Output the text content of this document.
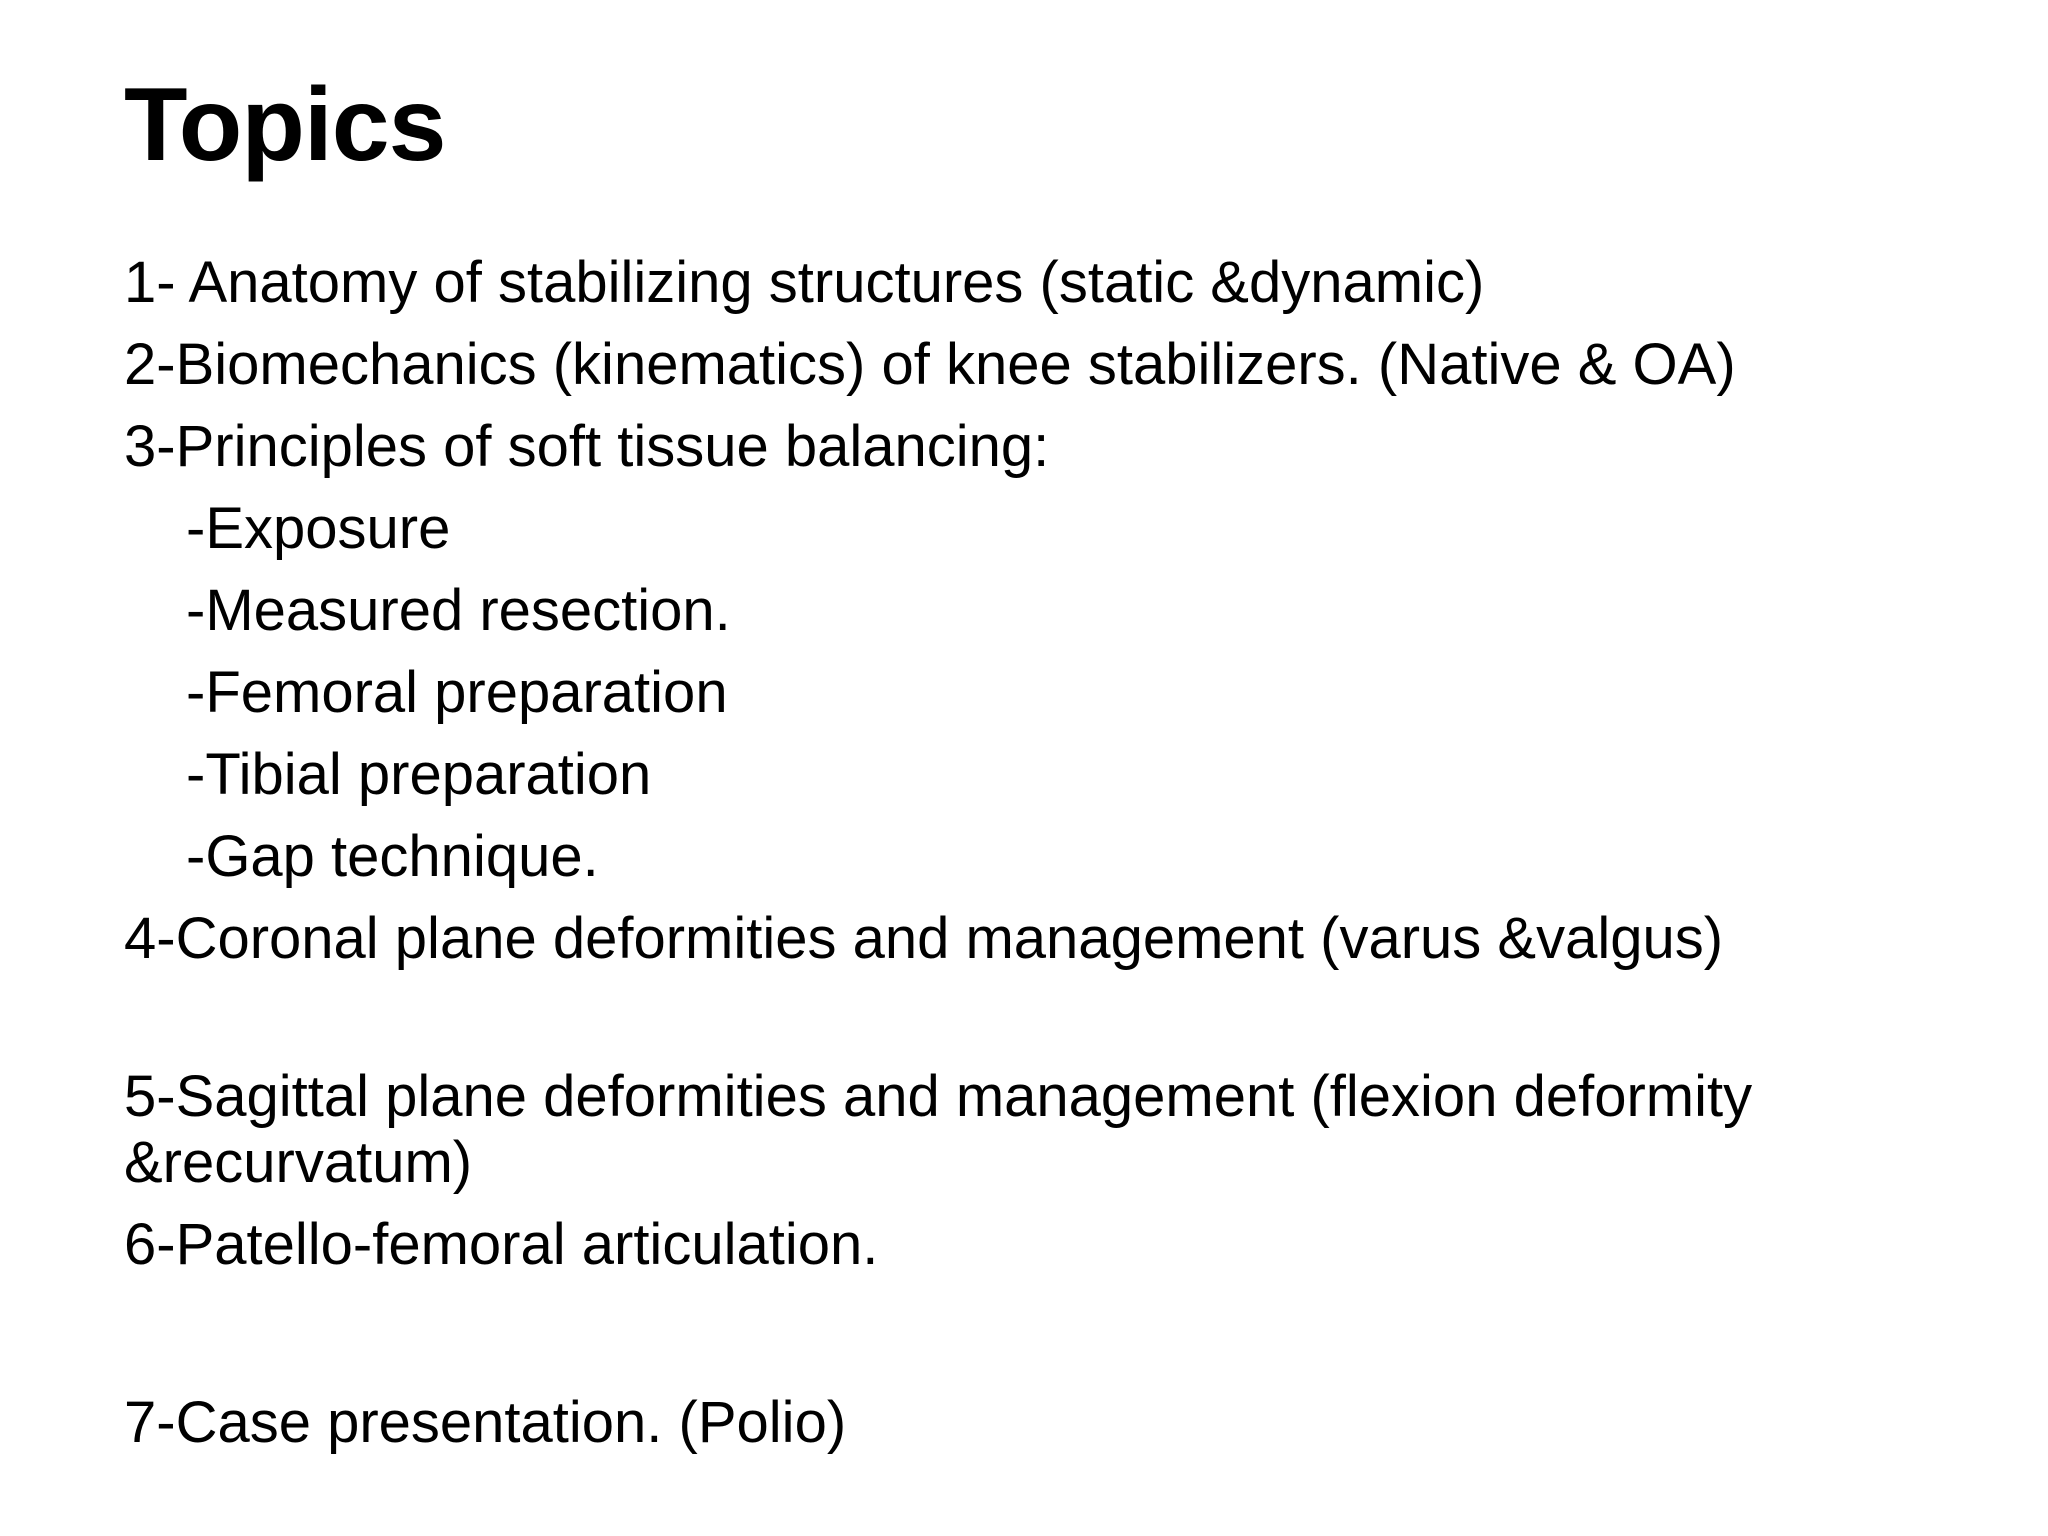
Topics
1- Anatomy of stabilizing structures (static &dynamic)
2-Biomechanics (kinematics) of knee stabilizers. (Native & OA)
3-Principles of soft tissue balancing:
-Exposure
-Measured resection.
-Femoral preparation
-Tibial preparation
-Gap technique.
4-Coronal plane deformities and management (varus &valgus)
5-Sagittal plane deformities and management (flexion deformity &recurvatum)
6-Patello-femoral articulation.
7-Case presentation. (Polio)
